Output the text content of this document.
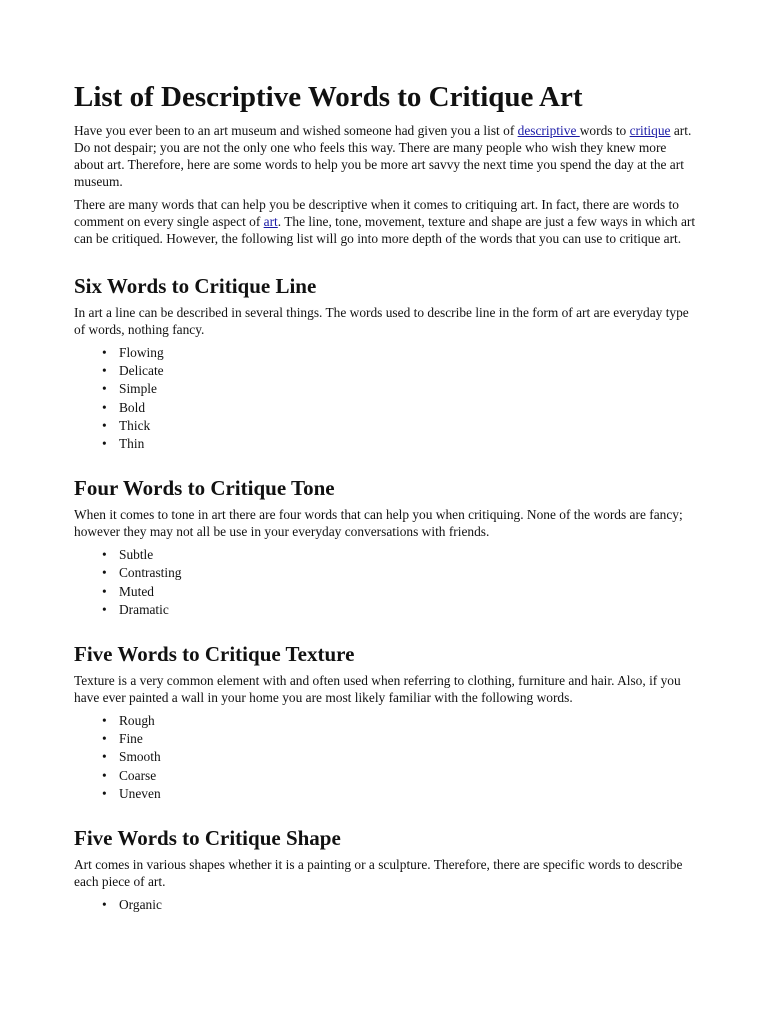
List of Descriptive Words to Critique Art

Have you ever been to an art museum and wished someone had given you a list of descriptive words to critique art. Do not despair; you are not the only one who feels this way. There are many people who wish they knew more about art. Therefore, here are some words to help you be more art savvy the next time you spend the day at the art museum.

There are many words that can help you be descriptive when it comes to critiquing art. In fact, there are words to comment on every single aspect of art. The line, tone, movement, texture and shape are just a few ways in which art can be critiqued. However, the following list will go into more depth of the words that you can use to critique art.

Six Words to Critique Line

In art a line can be described in several things. The words used to describe line in the form of art are everyday type of words, nothing fancy.

• Flowing
• Delicate
• Simple
• Bold
• Thick
• Thin
Four Words to Critique Tone

When it comes to tone in art there are four words that can help you when critiquing. None of the words are fancy; however they may not all be use in your everyday conversations with friends.

• Subtle
• Contrasting
• Muted
• Dramatic
Five Words to Critique Texture

Texture is a very common element with and often used when referring to clothing, furniture and hair. Also, if you have ever painted a wall in your home you are most likely familiar with the following words.

• Rough
• Fine
• Smooth
• Coarse
• Uneven
Five Words to Critique Shape

Art comes in various shapes whether it is a painting or a sculpture. Therefore, there are specific words to describe each piece of art.

• Organic
